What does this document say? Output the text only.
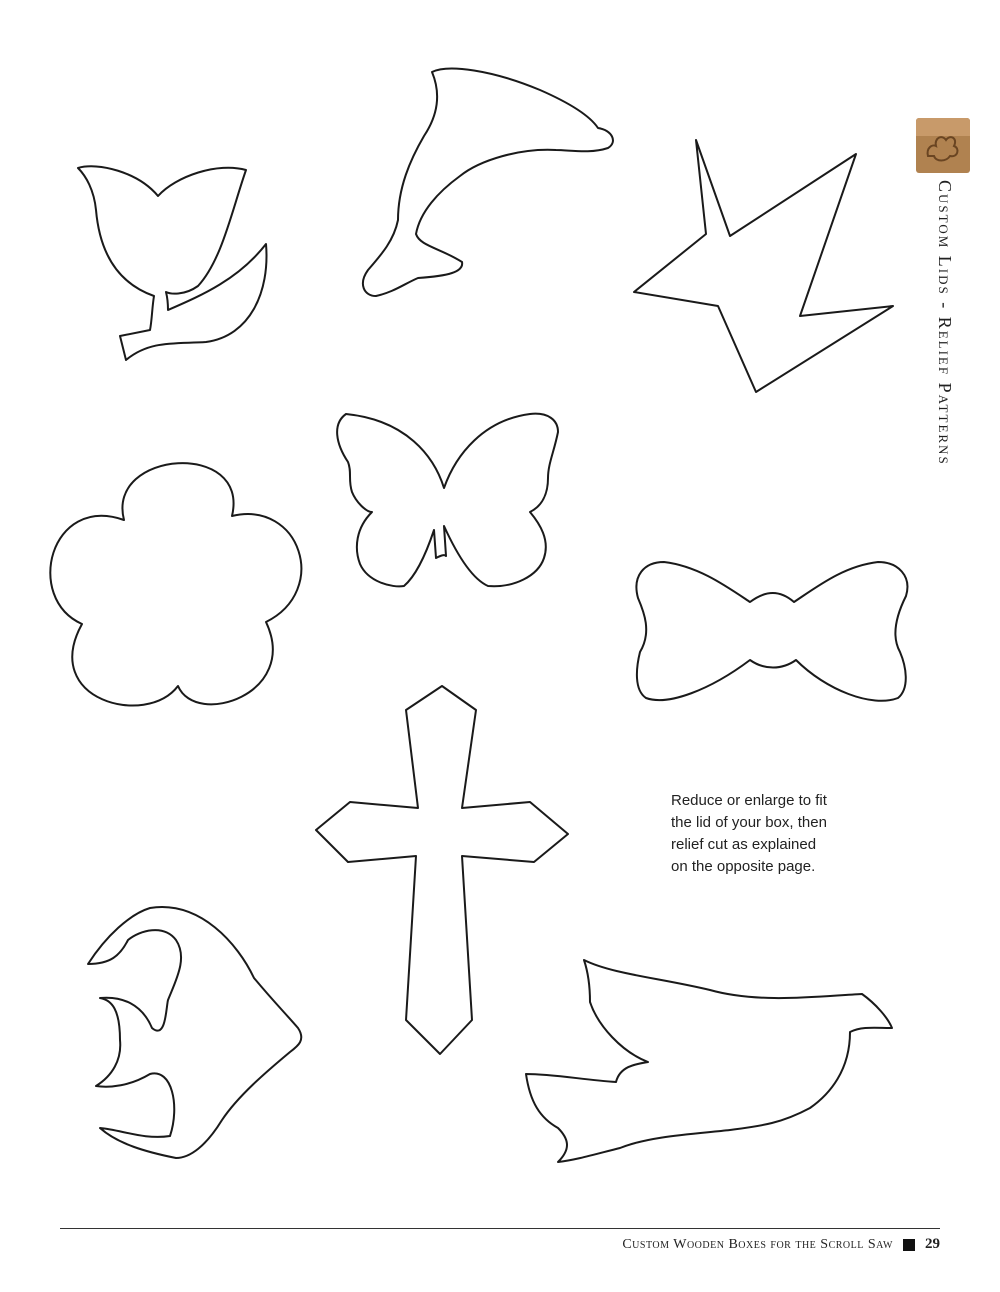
Custom Lids - Relief Patterns
Reduce or enlarge to fit
the lid of your box, then
relief cut as explained
on the opposite page.
Custom Wooden Boxes for the Scroll Saw 29
